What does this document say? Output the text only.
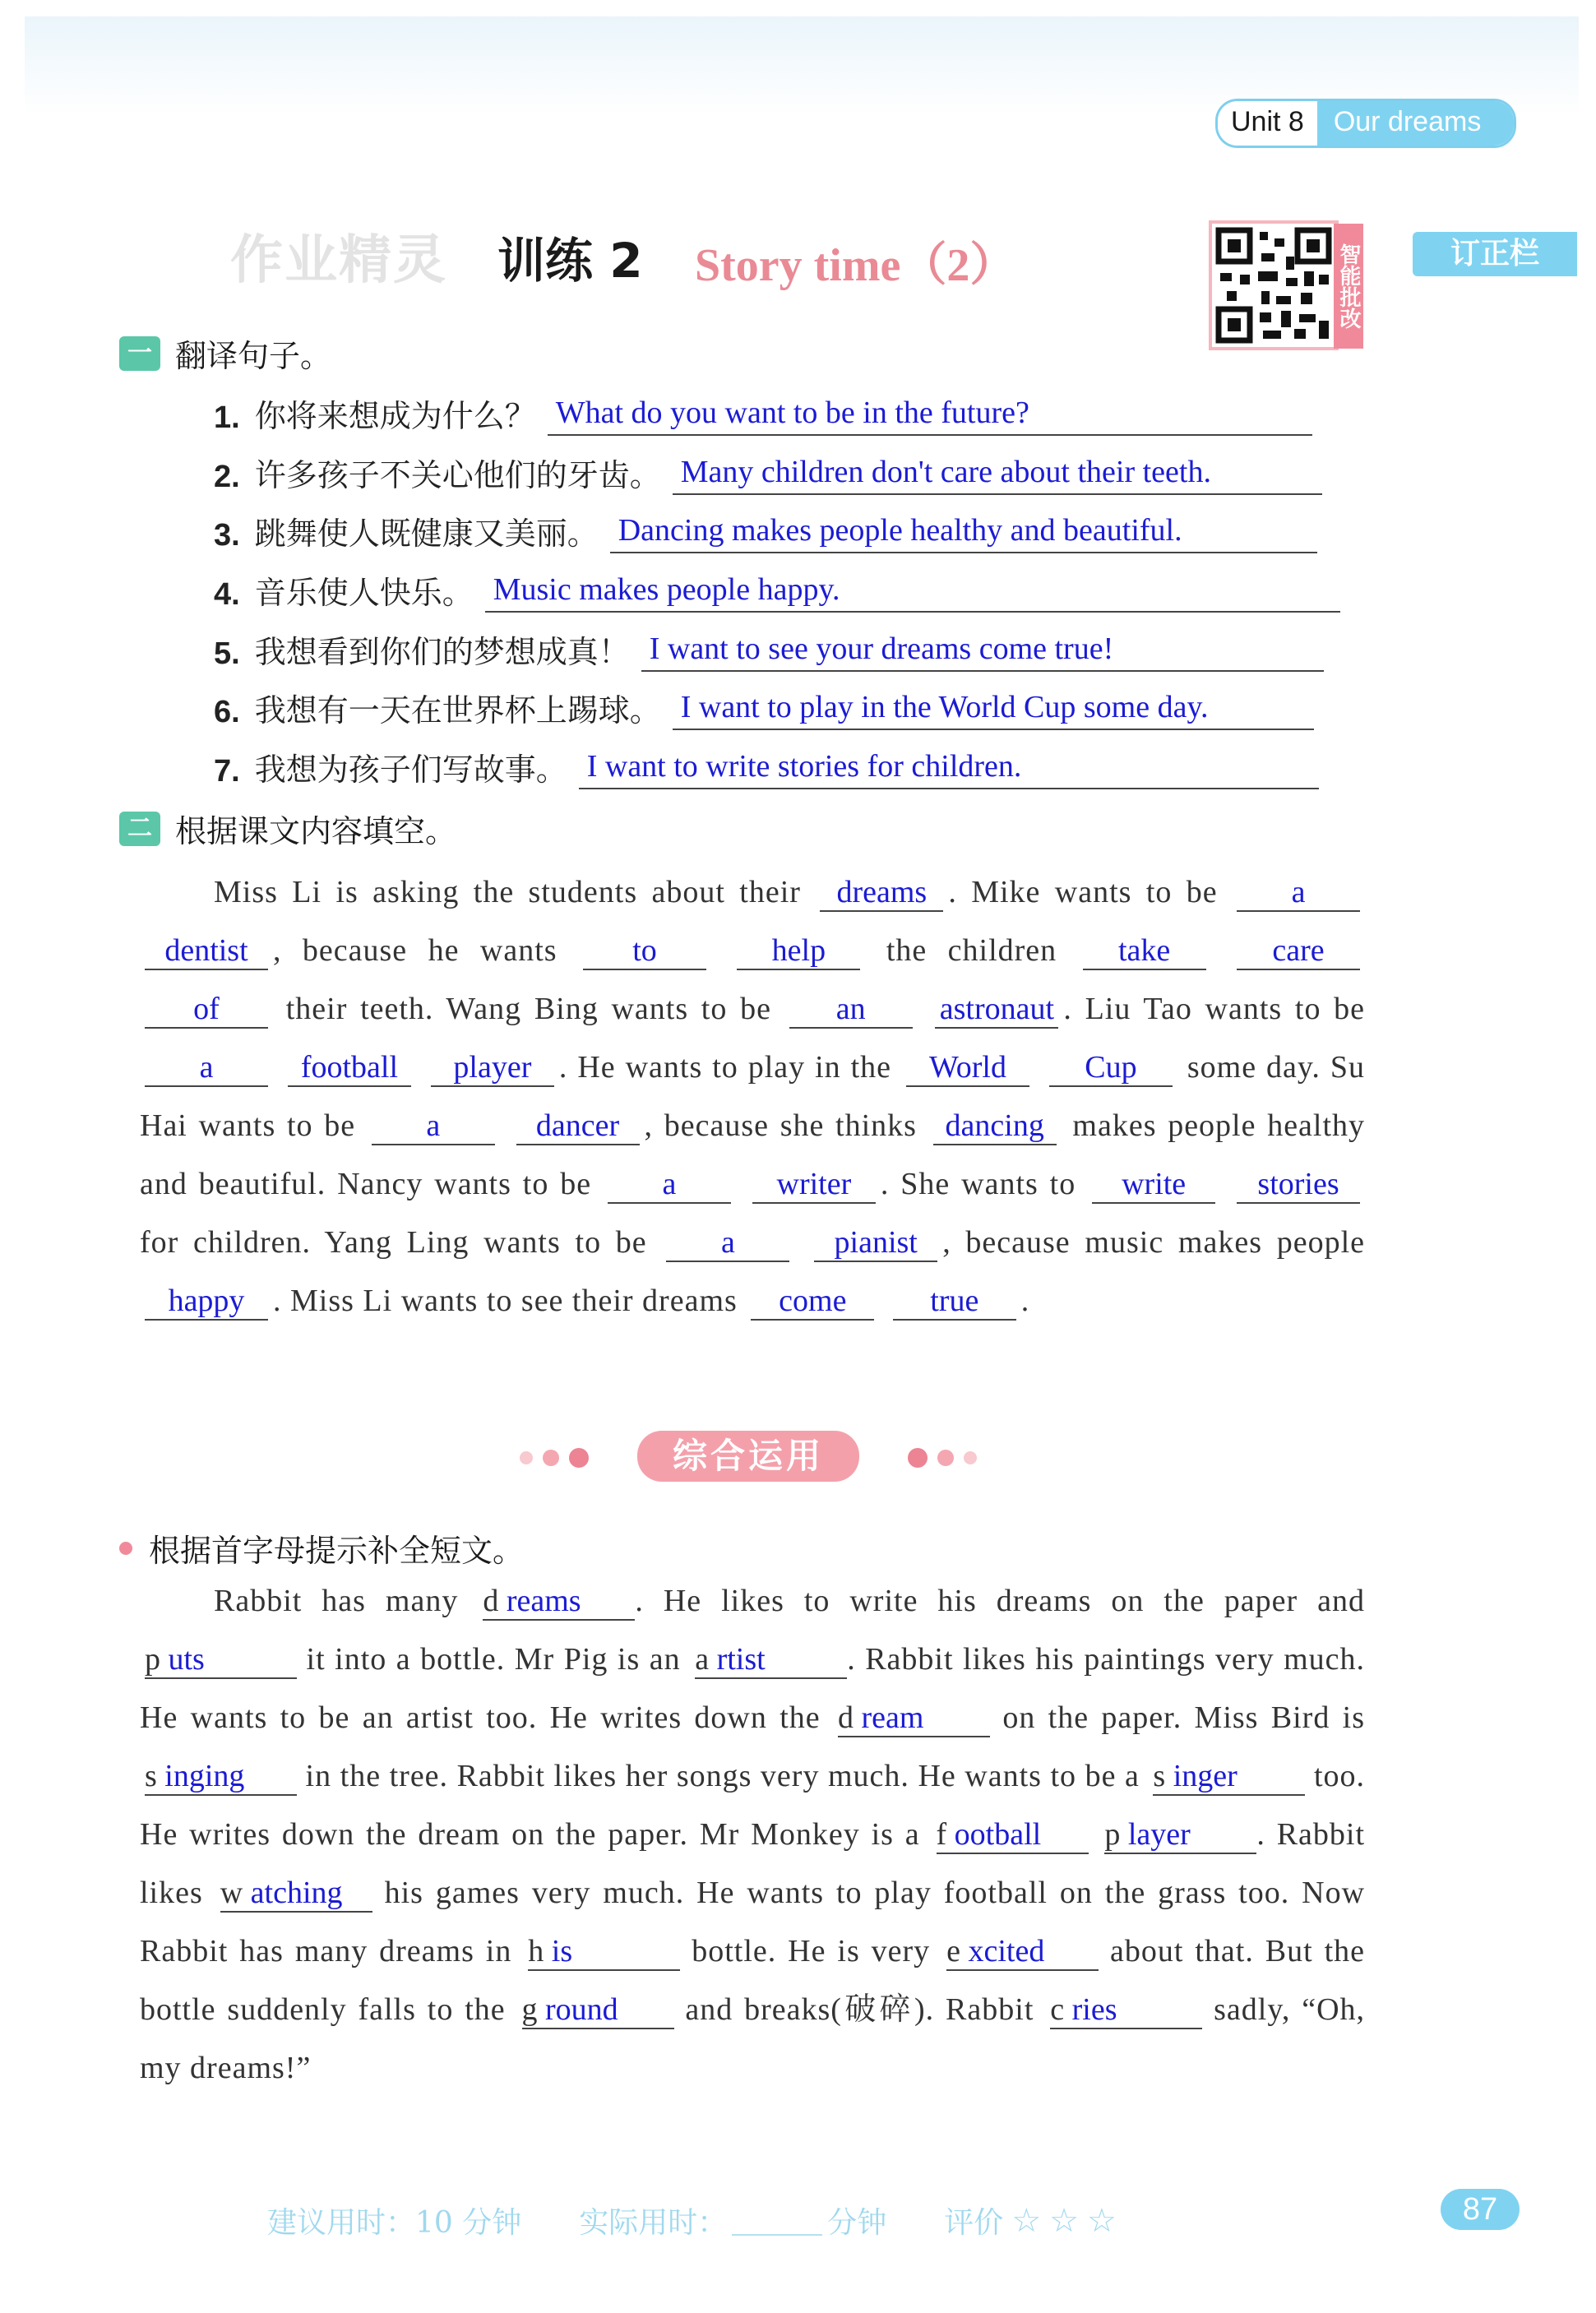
Unit 8	Our dreams
作业精灵 训练 2 Story time（2）	智能批改	订正栏
一 翻译句子。
1. 你将来想成为什么？ What do you want to be in the future?
2. 许多孩子不关心他们的牙齿。 Many children don't care about their teeth.
3. 跳舞使人既健康又美丽。 Dancing makes people healthy and beautiful.
4. 音乐使人快乐。 Music makes people happy.
5. 我想看到你们的梦想成真！ I want to see your dreams come true!
6. 我想有一天在世界杯上踢球。 I want to play in the World Cup some day.
7. 我想为孩子们写故事。 I want to write stories for children.
二 根据课文内容填空。
Miss Li is asking the students about their dreams . Mike wants to be a dentist , because he wants to	help the children take	care of their teeth. Wang Bing wants to be an astronaut . Liu Tao wants to be a	football player . He wants to play in the World	Cup some day. Su Hai wants to be a	dancer , because she thinks dancing makes people healthy and beautiful. Nancy wants to be a	writer . She wants to write stories for children. Yang Ling wants to be a	pianist , because music makes people happy . Miss Li wants to see their dreams come	true .
综合运用
根据首字母提示补全短文。
Rabbit has many d reams . He likes to write his dreams on the paper and p uts	it into a bottle. Mr Pig is an a rtist	. Rabbit likes his paintings very much. He wants to be an artist too. He writes down the d ream	on the paper. Miss Bird is s inging in the tree. Rabbit likes her songs very much. He wants to be a s inger too. He writes down the dream on the paper. Mr Monkey is a f ootball p layer . Rabbit likes w atching his games very much. He wants to play football on the grass too. Now Rabbit has many dreams in h is	bottle. He is very e xcited about that. But the bottle suddenly falls to the g round and breaks(破碎). Rabbit c ries	sadly, “Oh, my dreams!”
建议用时：10 分钟 实际用时：	分钟 评价 ☆ ☆ ☆	87
